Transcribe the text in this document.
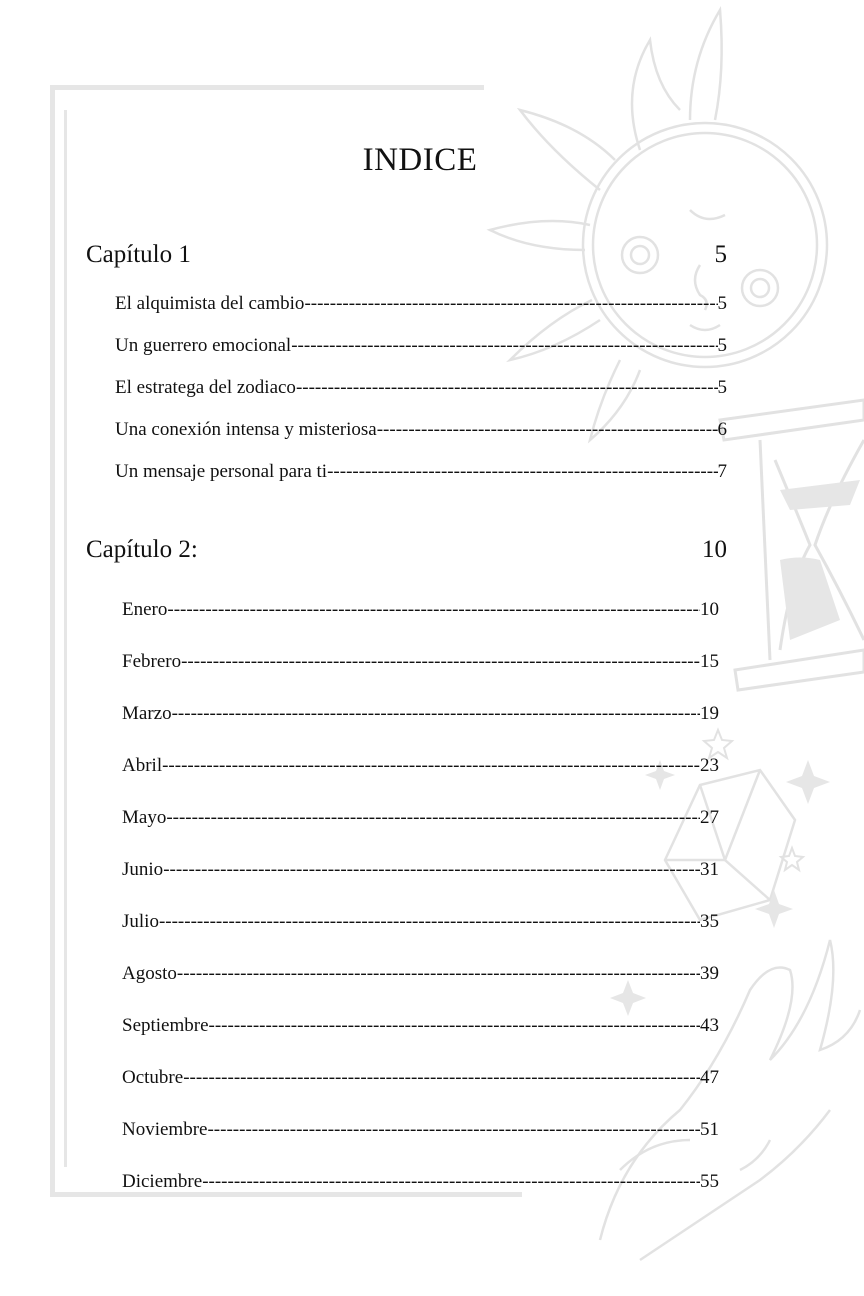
INDICE
Capítulo 1	5
El alquimista del cambio -----	5
Un guerrero emocional -----	5
El estratega del zodiaco -----	5
Una conexión intensa y misteriosa -----	6
Un mensaje personal para ti -----	7
Capítulo 2:	10
Enero -----	10
Febrero -----	15
Marzo -----	19
Abril -----	23
Mayo -----	27
Junio -----	31
Julio -----	35
Agosto -----	39
Septiembre -----	43
Octubre -----	47
Noviembre -----	51
Diciembre -----	55
